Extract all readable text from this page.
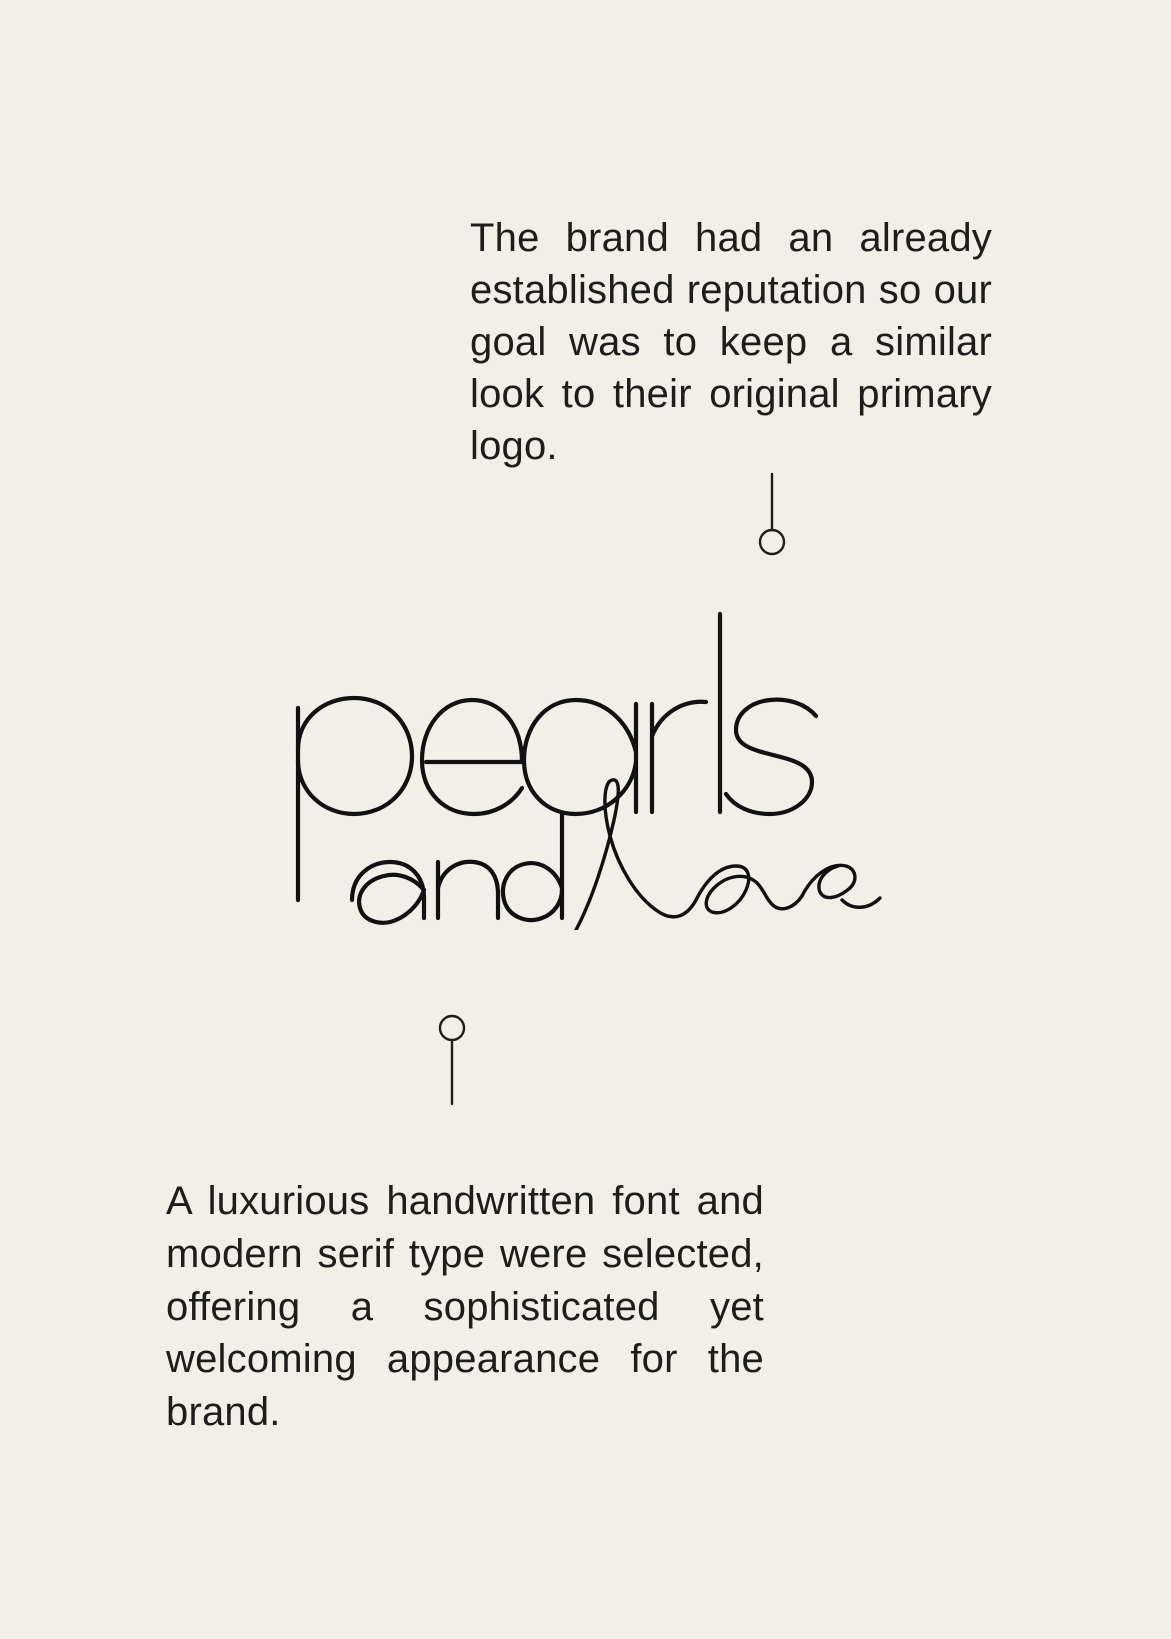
The brand had an already established reputation so our goal was to keep a similar look to their original primary logo.

A luxurious handwritten font and modern serif type were selected, offering a sophisticated yet welcoming appearance for the brand.
